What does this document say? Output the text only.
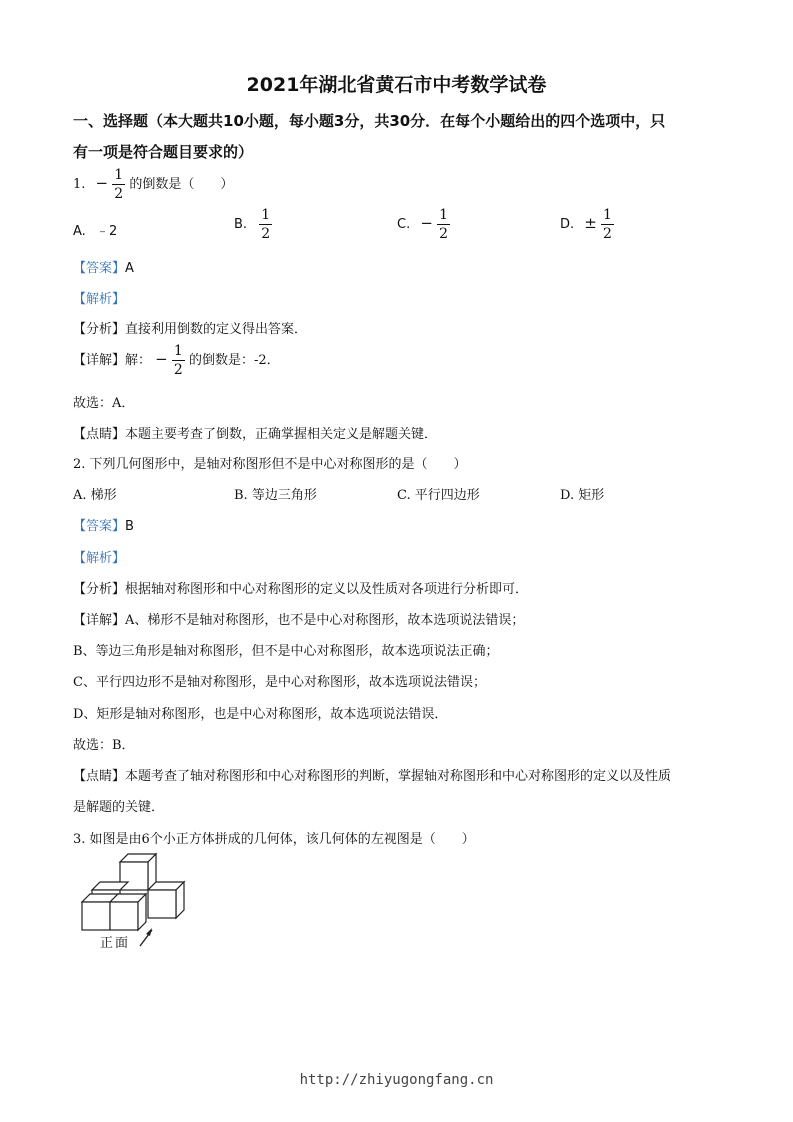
2021年湖北省黄石市中考数学试卷
一、选择题（本大题共10小题，每小题3分，共30分．在每个小题给出的四个选项中，只
有一项是符合题目要求的）
1. − $\frac{1}{2}$ 的倒数是（　　）
A. ﹣2	B. $\frac{1}{2}$	C. − $\frac{1}{2}$	D. ± $\frac{1}{2}$
【答案】A
【解析】
【分析】直接利用倒数的定义得出答案．
【详解】解： − $\frac{1}{2}$ 的倒数是：-2．
故选：A．
【点睛】本题主要考查了倒数，正确掌握相关定义是解题关键．
2. 下列几何图形中，是轴对称图形但不是中心对称图形的是（　　）
A. 梯形	B. 等边三角形	C. 平行四边形	D. 矩形
【答案】B
【解析】
【分析】根据轴对称图形和中心对称图形的定义以及性质对各项进行分析即可．
【详解】A、梯形不是轴对称图形，也不是中心对称图形，故本选项说法错误；
B、等边三角形是轴对称图形，但不是中心对称图形，故本选项说法正确；
C、平行四边形不是轴对称图形，是中心对称图形，故本选项说法错误；
D、矩形是轴对称图形，也是中心对称图形，故本选项说法错误．
故选：B．
【点睛】本题考查了轴对称图形和中心对称图形的判断，掌握轴对称图形和中心对称图形的定义以及性质
是解题的关键．
3. 如图是由6个小正方体拼成的几何体，该几何体的左视图是（　　）
正面
http://zhiyugongfang.cn
